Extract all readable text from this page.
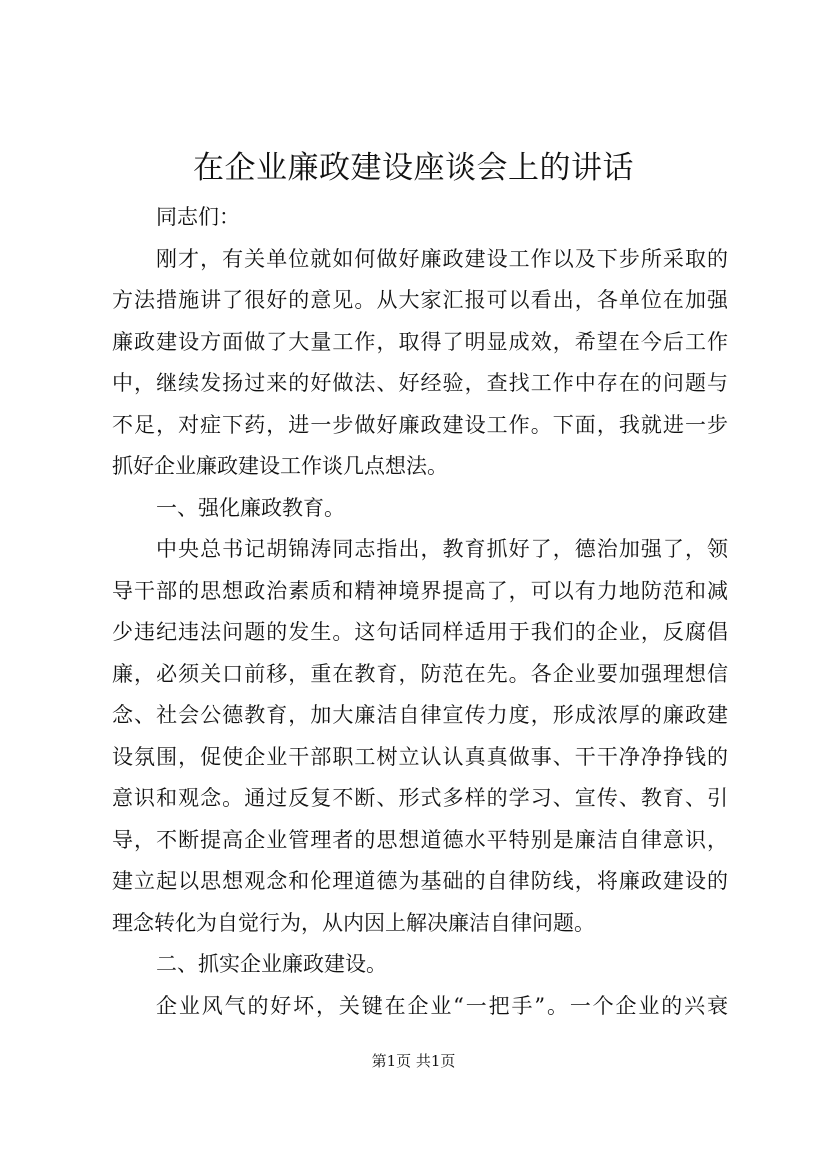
在企业廉政建设座谈会上的讲话
同志们：
刚才，有关单位就如何做好廉政建设工作以及下步所采取的
方法措施讲了很好的意见。从大家汇报可以看出，各单位在加强
廉政建设方面做了大量工作，取得了明显成效，希望在今后工作
中，继续发扬过来的好做法、好经验，查找工作中存在的问题与
不足，对症下药，进一步做好廉政建设工作。下面，我就进一步
抓好企业廉政建设工作谈几点想法。
一、强化廉政教育。
中央总书记胡锦涛同志指出，教育抓好了，德治加强了，领
导干部的思想政治素质和精神境界提高了，可以有力地防范和减
少违纪违法问题的发生。这句话同样适用于我们的企业，反腐倡
廉，必须关口前移，重在教育，防范在先。各企业要加强理想信
念、社会公德教育，加大廉洁自律宣传力度，形成浓厚的廉政建
设氛围，促使企业干部职工树立认认真真做事、干干净净挣钱的
意识和观念。通过反复不断、形式多样的学习、宣传、教育、引
导，不断提高企业管理者的思想道德水平特别是廉洁自律意识，
建立起以思想观念和伦理道德为基础的自律防线，将廉政建设的
理念转化为自觉行为，从内因上解决廉洁自律问题。
二、抓实企业廉政建设。
企业风气的好坏，关键在企业“一把手”。一个企业的兴衰
第1页 共1页
